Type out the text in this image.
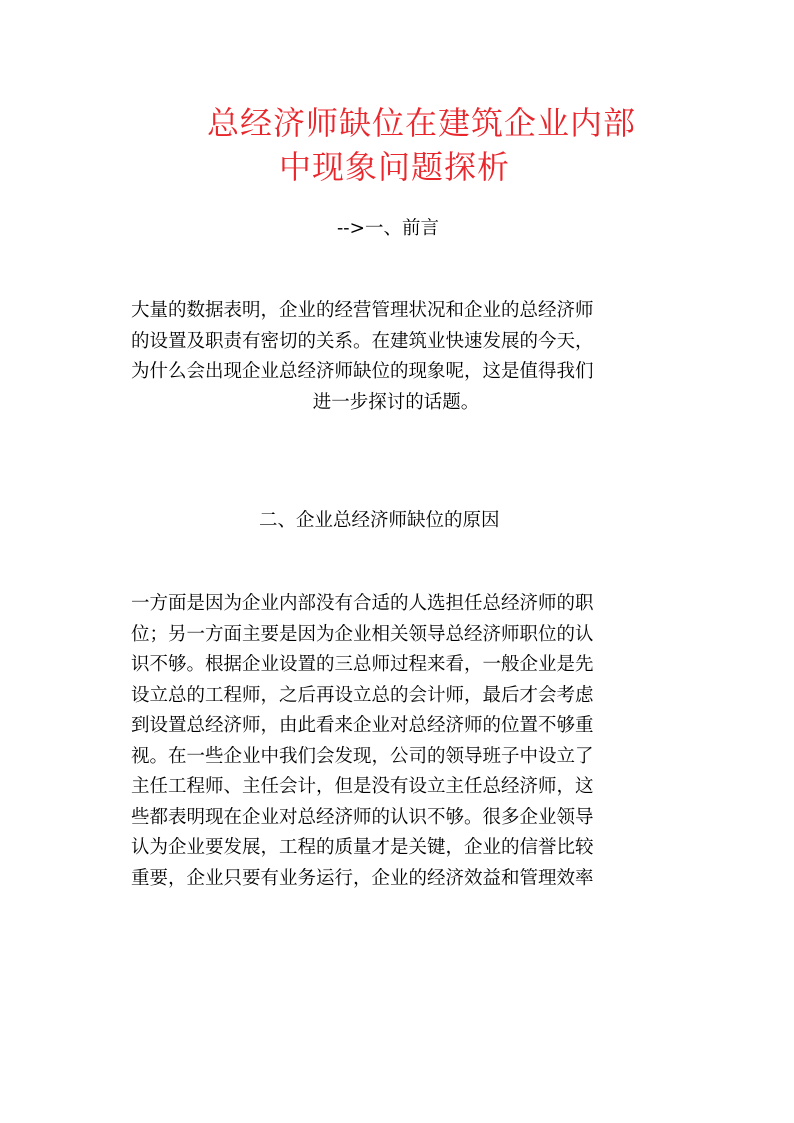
总经济师缺位在建筑企业内部
中现象问题探析
-->一、前言
大量的数据表明，企业的经营管理状况和企业的总经济师
的设置及职责有密切的关系。在建筑业快速发展的今天，
为什么会出现企业总经济师缺位的现象呢，这是值得我们
进一步探讨的话题。
二、企业总经济师缺位的原因
一方面是因为企业内部没有合适的人选担任总经济师的职
位；另一方面主要是因为企业相关领导总经济师职位的认
识不够。根据企业设置的三总师过程来看，一般企业是先
设立总的工程师，之后再设立总的会计师，最后才会考虑
到设置总经济师，由此看来企业对总经济师的位置不够重
视。在一些企业中我们会发现，公司的领导班子中设立了
主任工程师、主任会计，但是没有设立主任总经济师，这
些都表明现在企业对总经济师的认识不够。很多企业领导
认为企业要发展，工程的质量才是关键，企业的信誉比较
重要，企业只要有业务运行，企业的经济效益和管理效率
